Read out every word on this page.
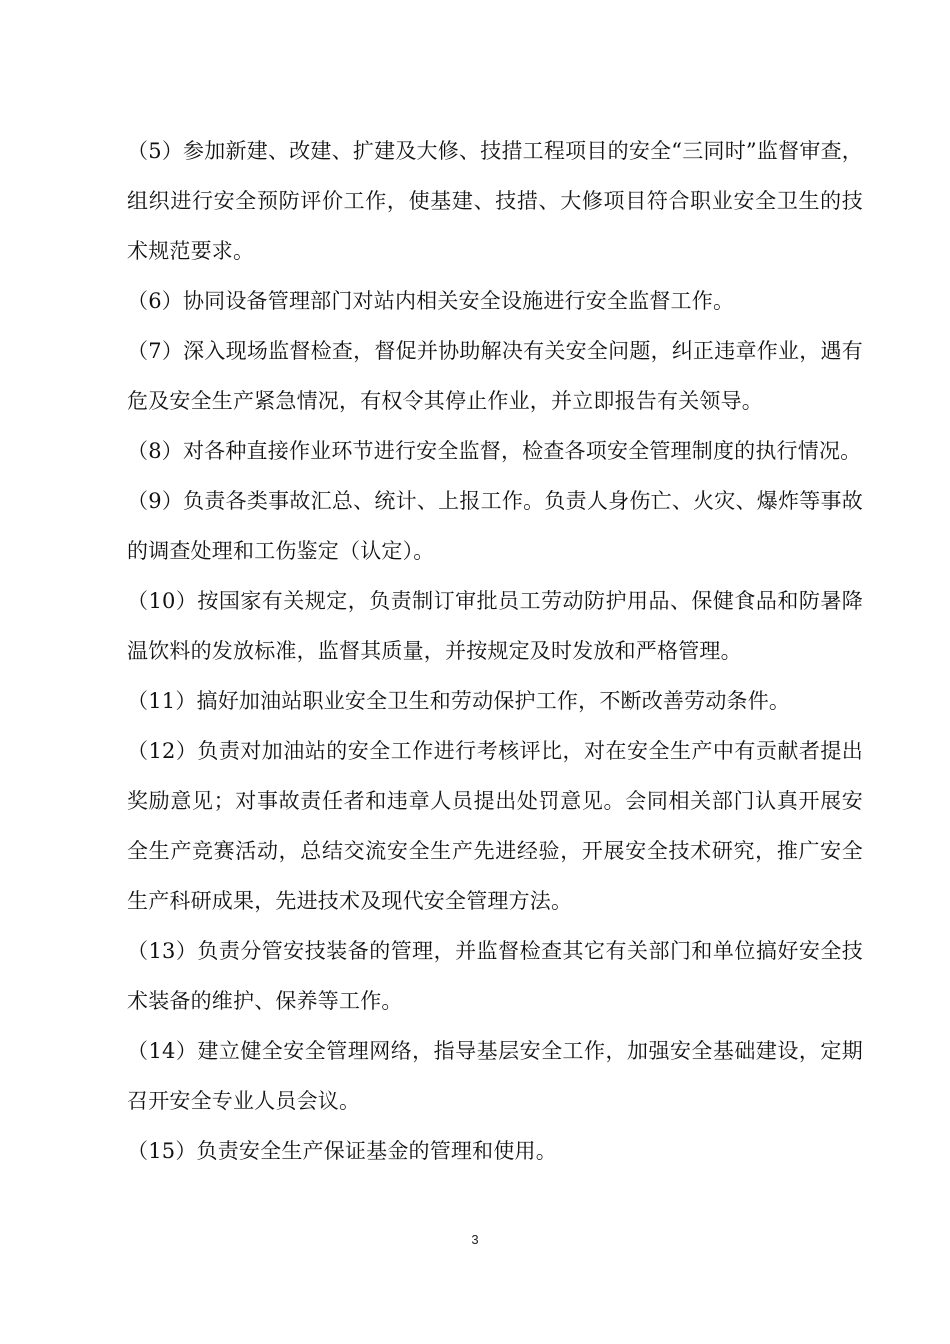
（5）参加新建、改建、扩建及大修、技措工程项目的安全“三同时”监督审查，组织进行安全预防评价工作，使基建、技措、大修项目符合职业安全卫生的技术规范要求。

（6）协同设备管理部门对站内相关安全设施进行安全监督工作。

（7）深入现场监督检查，督促并协助解决有关安全问题，纠正违章作业，遇有危及安全生产紧急情况，有权令其停止作业，并立即报告有关领导。

（8）对各种直接作业环节进行安全监督，检查各项安全管理制度的执行情况。

（9）负责各类事故汇总、统计、上报工作。负责人身伤亡、火灾、爆炸等事故的调查处理和工伤鉴定（认定）。

（10）按国家有关规定，负责制订审批员工劳动防护用品、保健食品和防暑降温饮料的发放标准，监督其质量，并按规定及时发放和严格管理。

（11）搞好加油站职业安全卫生和劳动保护工作，不断改善劳动条件。

（12）负责对加油站的安全工作进行考核评比，对在安全生产中有贡献者提出奖励意见；对事故责任者和违章人员提出处罚意见。会同相关部门认真开展安全生产竞赛活动，总结交流安全生产先进经验，开展安全技术研究，推广安全生产科研成果，先进技术及现代安全管理方法。

（13）负责分管安技装备的管理，并监督检查其它有关部门和单位搞好安全技术装备的维护、保养等工作。

（14）建立健全安全管理网络，指导基层安全工作，加强安全基础建设，定期召开安全专业人员会议。

（15）负责安全生产保证基金的管理和使用。

3
